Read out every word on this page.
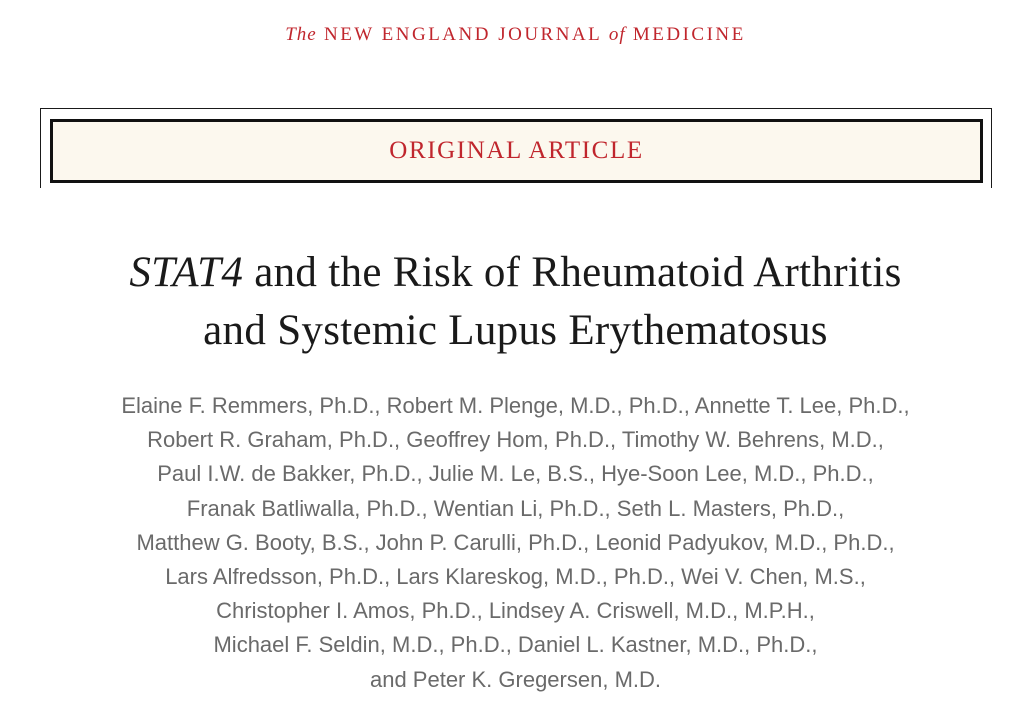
The NEW ENGLAND JOURNAL of MEDICINE
ORIGINAL ARTICLE
STAT4 and the Risk of Rheumatoid Arthritis
and Systemic Lupus Erythematosus
Elaine F. Remmers, Ph.D., Robert M. Plenge, M.D., Ph.D., Annette T. Lee, Ph.D.,
Robert R. Graham, Ph.D., Geoffrey Hom, Ph.D., Timothy W. Behrens, M.D.,
Paul I.W. de Bakker, Ph.D., Julie M. Le, B.S., Hye-Soon Lee, M.D., Ph.D.,
Franak Batliwalla, Ph.D., Wentian Li, Ph.D., Seth L. Masters, Ph.D.,
Matthew G. Booty, B.S., John P. Carulli, Ph.D., Leonid Padyukov, M.D., Ph.D.,
Lars Alfredsson, Ph.D., Lars Klareskog, M.D., Ph.D., Wei V. Chen, M.S.,
Christopher I. Amos, Ph.D., Lindsey A. Criswell, M.D., M.P.H.,
Michael F. Seldin, M.D., Ph.D., Daniel L. Kastner, M.D., Ph.D.,
and Peter K. Gregersen, M.D.
